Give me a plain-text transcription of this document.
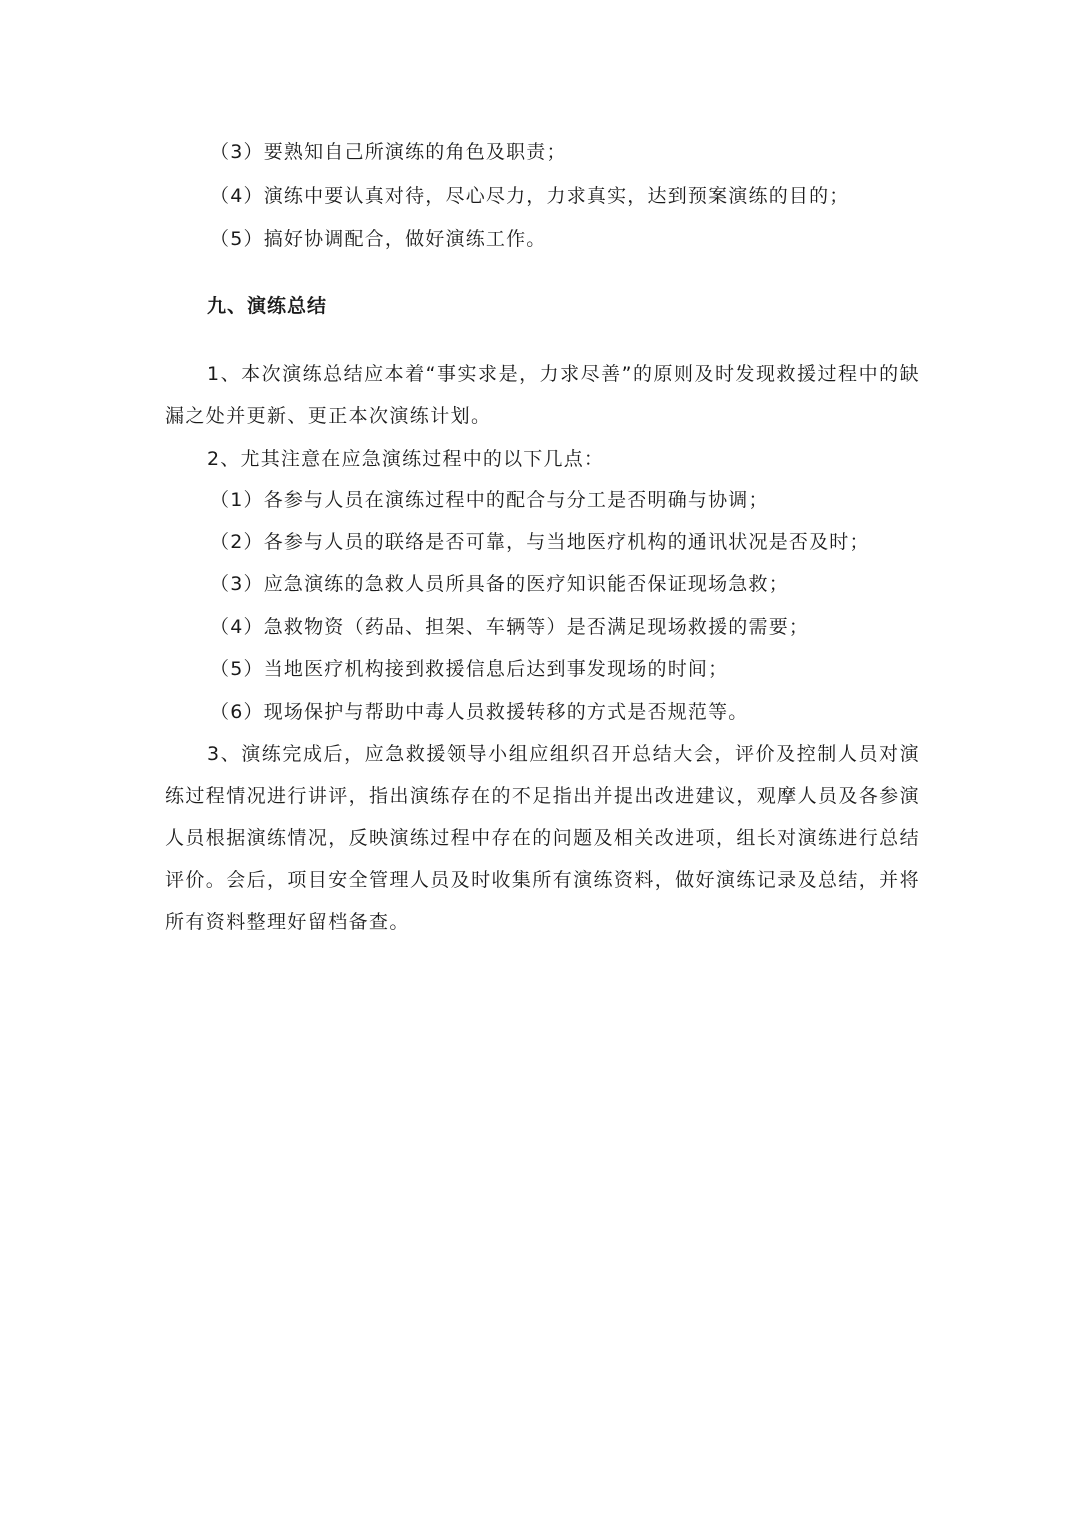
（3）要熟知自己所演练的角色及职责；
（4）演练中要认真对待，尽心尽力，力求真实，达到预案演练的目的；
（5）搞好协调配合，做好演练工作。
九、演练总结
1、本次演练总结应本着“事实求是，力求尽善”的原则及时发现救援过程中的缺漏之处并更新、更正本次演练计划。
2、尤其注意在应急演练过程中的以下几点：
（1）各参与人员在演练过程中的配合与分工是否明确与协调；
（2）各参与人员的联络是否可靠，与当地医疗机构的通讯状况是否及时；
（3）应急演练的急救人员所具备的医疗知识能否保证现场急救；
（4）急救物资（药品、担架、车辆等）是否满足现场救援的需要；
（5）当地医疗机构接到救援信息后达到事发现场的时间；
（6）现场保护与帮助中毒人员救援转移的方式是否规范等。
3、演练完成后，应急救援领导小组应组织召开总结大会，评价及控制人员对演练过程情况进行讲评，指出演练存在的不足指出并提出改进建议，观摩人员及各参演人员根据演练情况，反映演练过程中存在的问题及相关改进项，组长对演练进行总结评价。会后，项目安全管理人员及时收集所有演练资料，做好演练记录及总结，并将所有资料整理好留档备查。
